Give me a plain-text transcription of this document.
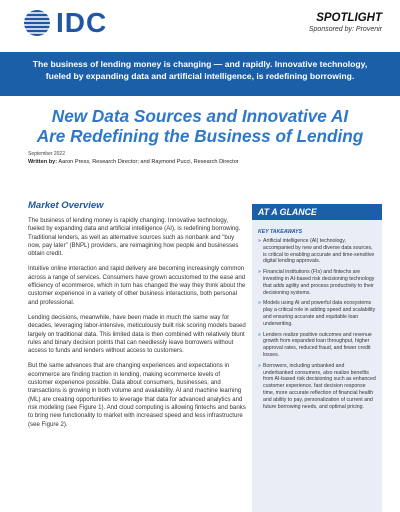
IDC	SPOTLIGHT
Sponsored by: Provenir

The business of lending money is changing — and rapidly. Innovative technology, fueled by expanding data and artificial intelligence, is redefining borrowing.

New Data Sources and Innovative AI
Are Redefining the Business of Lending
September 2022
Written by: Aaron Press, Research Director; and Raymond Pucci, Research Director
Market Overview

The business of lending money is rapidly changing. Innovative technology, fueled by expanding data and artificial intelligence (AI), is redefining borrowing. Traditional lenders, as well as alternative sources such as nonbank and "buy now, pay later" (BNPL) providers, are reimagining how people and businesses obtain credit.

Intuitive online interaction and rapid delivery are becoming increasingly common across a range of services. Consumers have grown accustomed to the ease and efficiency of ecommerce, which in turn has changed the way they think about the customer experience in a variety of other business interactions, both personal and professional.

Lending decisions, meanwhile, have been made in much the same way for decades, leveraging labor-intensive, meticulously built risk scoring models based largely on traditional data. This limited data is then combined with relatively blunt rules and binary decision points that can needlessly leave borrowers without access to funds and lenders without access to customers.

But the same advances that are changing experiences and expectations in ecommerce are finding traction in lending, making ecommerce levels of customer experience possible. Data about consumers, businesses, and transactions is growing in both volume and availability. AI and machine learning (ML) are creating opportunities to leverage that data for advanced analytics and risk modeling (see Figure 1). And cloud computing is allowing fintechs and banks to bring new functionality to market with increased speed and less infrastructure (see Figure 2).

AT A GLANCE
KEY TAKEAWAYS
» Artificial intelligence (AI) technology, accompanied by new and diverse data sources, is critical to enabling accurate and time-sensitive digital lending approvals.
» Financial institutions (FIs) and fintechs are investing in AI-based risk decisioning technology that adds agility and process productivity to their decisioning systems.
» Models using AI and powerful data ecosystems play a critical role in adding speed and scalability and ensuring accurate and equitable loan underwriting.
» Lenders realize positive outcomes and revenue growth from expanded loan throughput, higher approval rates, reduced fraud, and fewer credit losses.
» Borrowers, including unbanked and underbanked consumers, also realize benefits from AI-based risk decisioning such as enhanced customer experience, fast decision response time, more accurate reflection of financial health and ability to pay, personalization of current and future borrowing needs, and optimal pricing.
